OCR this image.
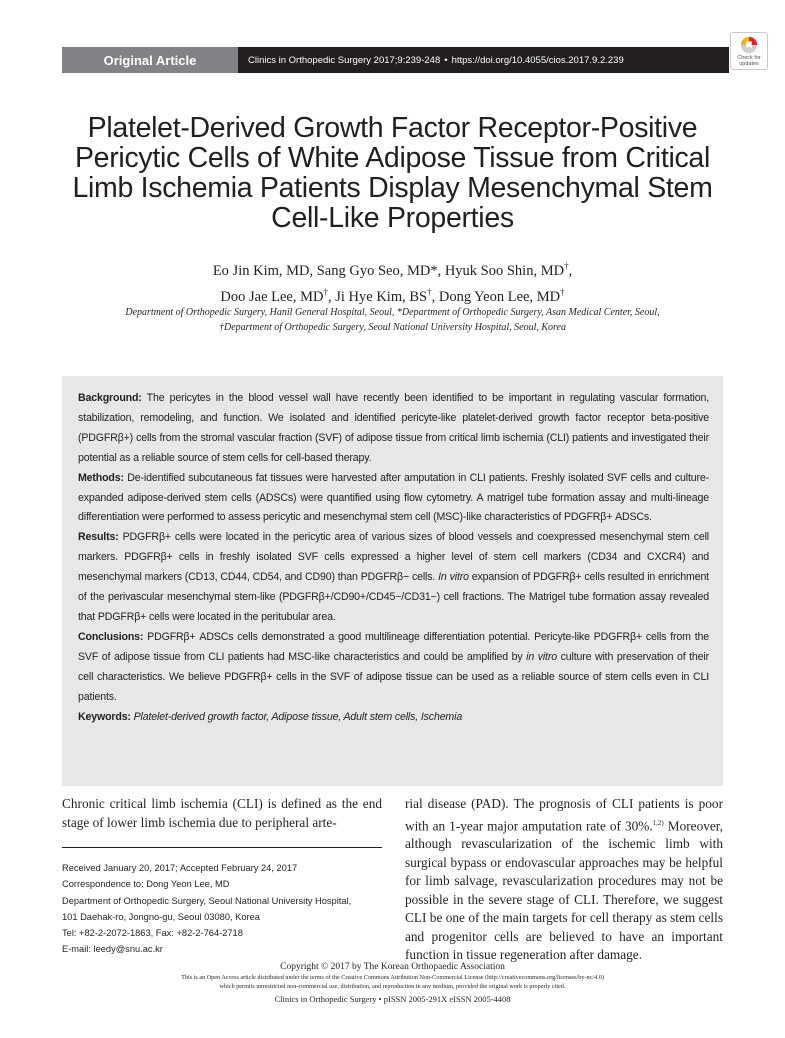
Original Article	Clinics in Orthopedic Surgery 2017;9:239-248 • https://doi.org/10.4055/cios.2017.9.2.239	Check for updates
Platelet-Derived Growth Factor Receptor-Positive Pericytic Cells of White Adipose Tissue from Critical Limb Ischemia Patients Display Mesenchymal Stem Cell-Like Properties
Eo Jin Kim, MD, Sang Gyo Seo, MD*, Hyuk Soo Shin, MD†,
Doo Jae Lee, MD†, Ji Hye Kim, BS†, Dong Yeon Lee, MD†
Department of Orthopedic Surgery, Hanil General Hospital, Seoul, *Department of Orthopedic Surgery, Asan Medical Center, Seoul,
†Department of Orthopedic Surgery, Seoul National University Hospital, Seoul, Korea

Background: The pericytes in the blood vessel wall have recently been identified to be important in regulating vascular formation, stabilization, remodeling, and function. We isolated and identified pericyte-like platelet-derived growth factor receptor beta-positive (PDGFRβ+) cells from the stromal vascular fraction (SVF) of adipose tissue from critical limb ischemia (CLI) patients and investigated their potential as a reliable source of stem cells for cell-based therapy.

Methods: De-identified subcutaneous fat tissues were harvested after amputation in CLI patients. Freshly isolated SVF cells and culture-expanded adipose-derived stem cells (ADSCs) were quantified using flow cytometry. A matrigel tube formation assay and multi-lineage differentiation were performed to assess pericytic and mesenchymal stem cell (MSC)-like characteristics of PDGFRβ+ ADSCs.

Results: PDGFRβ+ cells were located in the pericytic area of various sizes of blood vessels and coexpressed mesenchymal stem cell markers. PDGFRβ+ cells in freshly isolated SVF cells expressed a higher level of stem cell markers (CD34 and CXCR4) and mesenchymal markers (CD13, CD44, CD54, and CD90) than PDGFRβ− cells. In vitro expansion of PDGFRβ+ cells resulted in enrichment of the perivascular mesenchymal stem-like (PDGFRβ+/CD90+/CD45−/CD31−) cell fractions. The Matrigel tube formation assay revealed that PDGFRβ+ cells were located in the peritubular area.

Conclusions: PDGFRβ+ ADSCs cells demonstrated a good multilineage differentiation potential. Pericyte-like PDGFRβ+ cells from the SVF of adipose tissue from CLI patients had MSC-like characteristics and could be amplified by in vitro culture with preservation of their cell characteristics. We believe PDGFRβ+ cells in the SVF of adipose tissue can be used as a reliable source of stem cells even in CLI patients.

Keywords: Platelet-derived growth factor, Adipose tissue, Adult stem cells, Ischemia

Chronic critical limb ischemia (CLI) is defined as the end stage of lower limb ischemia due to peripheral arte-
Received January 20, 2017; Accepted February 24, 2017
Correspondence to: Dong Yeon Lee, MD
Department of Orthopedic Surgery, Seoul National University Hospital,
101 Daehak-ro, Jongno-gu, Seoul 03080, Korea
Tel: +82-2-2072-1863, Fax: +82-2-764-2718
E-mail: leedy@snu.ac.kr
rial disease (PAD). The prognosis of CLI patients is poor with an 1-year major amputation rate of 30%.$^{1,2)}$ Moreover, although revascularization of the ischemic limb with surgical bypass or endovascular approaches may be helpful for limb salvage, revascularization procedures may not be possible in the severe stage of CLI. Therefore, we suggest CLI be one of the main targets for cell therapy as stem cells and progenitor cells are believed to have an important function in tissue regeneration after damage.
Copyright © 2017 by The Korean Orthopaedic Association
This is an Open Access article distributed under the terms of the Creative Commons Attribution Non-Commercial License (http://creativecommons.org/licenses/by-nc/4.0)
which permits unrestricted non-commercial use, distribution, and reproduction in any medium, provided the original work is properly cited.
Clinics in Orthopedic Surgery • pISSN 2005-291X eISSN 2005-4408
